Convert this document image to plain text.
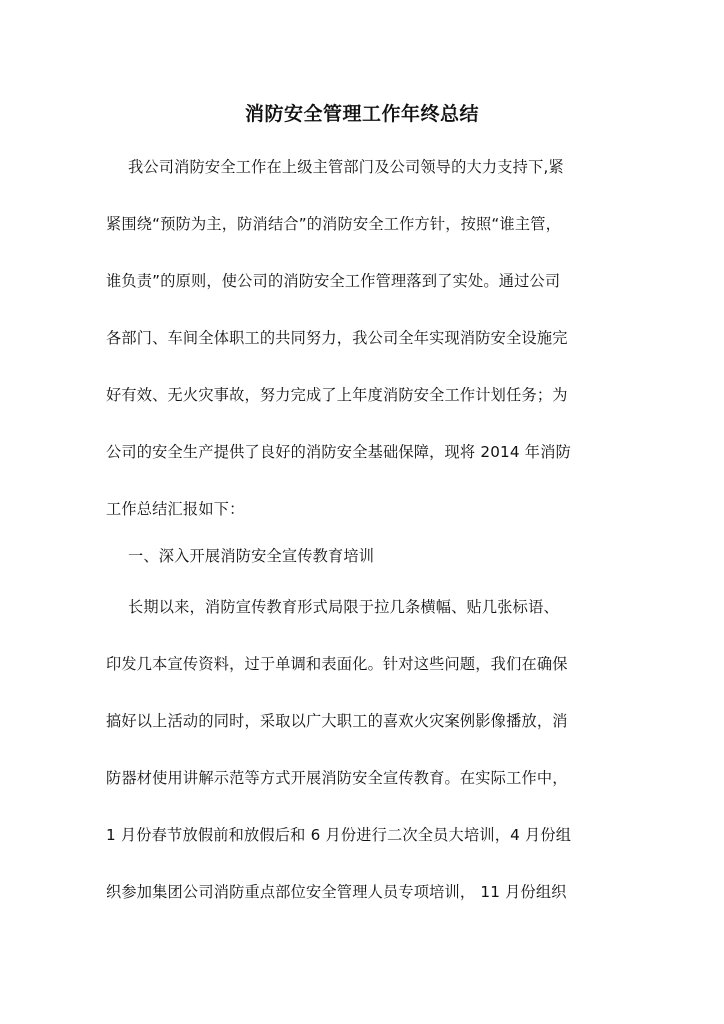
消防安全管理工作年终总结
我公司消防安全工作在上级主管部门及公司领导的大力支持下,紧
紧围绕“预防为主，防消结合”的消防安全工作方针，按照“谁主管，
谁负责”的原则，使公司的消防安全工作管理落到了实处。通过公司
各部门、车间全体职工的共同努力，我公司全年实现消防安全设施完
好有效、无火灾事故，努力完成了上年度消防安全工作计划任务；为
公司的安全生产提供了良好的消防安全基础保障，现将 2014 年消防
工作总结汇报如下：
一、深入开展消防安全宣传教育培训
长期以来，消防宣传教育形式局限于拉几条横幅、贴几张标语、
印发几本宣传资料，过于单调和表面化。针对这些问题，我们在确保
搞好以上活动的同时，采取以广大职工的喜欢火灾案例影像播放，消
防器材使用讲解示范等方式开展消防安全宣传教育。在实际工作中，
1 月份春节放假前和放假后和 6 月份进行二次全员大培训，4 月份组
织参加集团公司消防重点部位安全管理人员专项培训， 11 月份组织
